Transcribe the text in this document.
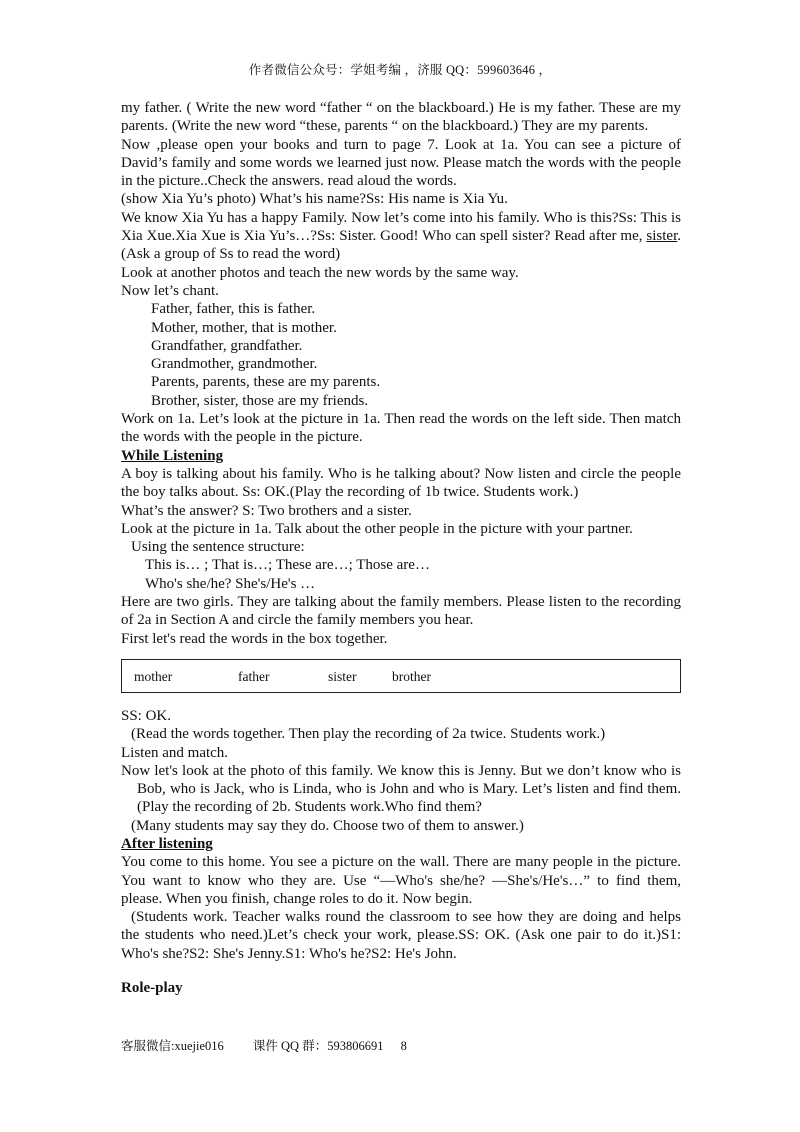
作者微信公众号：学姐考编 ，济服 QQ：599603646 ，

my father. ( Write the new word “father “ on the blackboard.) He is my father. These are my parents. (Write the new word “these, parents “ on the blackboard.) They are my parents.

Now ,please open your books and turn to page 7. Look at 1a. You can see a picture of David’s family and some words we learned just now. Please match the words with the people in the picture..Check the answers. read aloud the words.

(show Xia Yu’s photo) What’s his name?Ss: His name is Xia Yu.

We know Xia Yu has a happy Family. Now let’s come into his family. Who is this?Ss: This is Xia Xue.Xia Xue is Xia Yu’s…?Ss: Sister. Good! Who can spell sister? Read after me, sister. (Ask a group of Ss to read the word)

Look at another photos and teach the new words by the same way.

Now let’s chant.

Father, father, this is father.

Mother, mother, that is mother.

Grandfather, grandfather.

Grandmother, grandmother.

Parents, parents, these are my parents.

Brother, sister, those are my friends.

Work on 1a. Let’s look at the picture in 1a. Then read the words on the left side. Then match the words with the people in the picture.

While Listening

A boy is talking about his family. Who is he talking about? Now listen and circle the people the boy talks about. Ss: OK.(Play the recording of 1b twice. Students work.)

What’s the answer? S: Two brothers and a sister.

Look at the picture in 1a. Talk about the other people in the picture with your partner.

Using the sentence structure:

This is… ; That is…; These are…; Those are…

Who's she/he? She's/He's …

Here are two girls. They are talking about the family members. Please listen to the recording of 2a in Section A and circle the family members you hear.

First let's read the words in the box together.

mother	father	sister	brother

SS: OK.

(Read the words together. Then play the recording of 2a twice. Students work.)

Listen and match.

Now let's look at the photo of this family. We know this is Jenny. But we don’t know who is Bob, who is Jack, who is Linda, who is John and who is Mary. Let’s listen and find them. (Play the recording of 2b. Students work.Who find them?

(Many students may say they do. Choose two of them to answer.)

After listening

You come to this home. You see a picture on the wall. There are many people in the picture. You want to know who they are. Use “—Who's she/he? —She's/He's…” to find them, please. When you finish, change roles to do it. Now begin.

(Students work. Teacher walks round the classroom to see how they are doing and helps the students who need.)Let’s check your work, please.SS: OK. (Ask one pair to do it.)S1: Who's she?S2: She's Jenny.S1: Who's he?S2: He's John.

Role-play

客服微信:xuejie016 课件 QQ 群：593806691 8
